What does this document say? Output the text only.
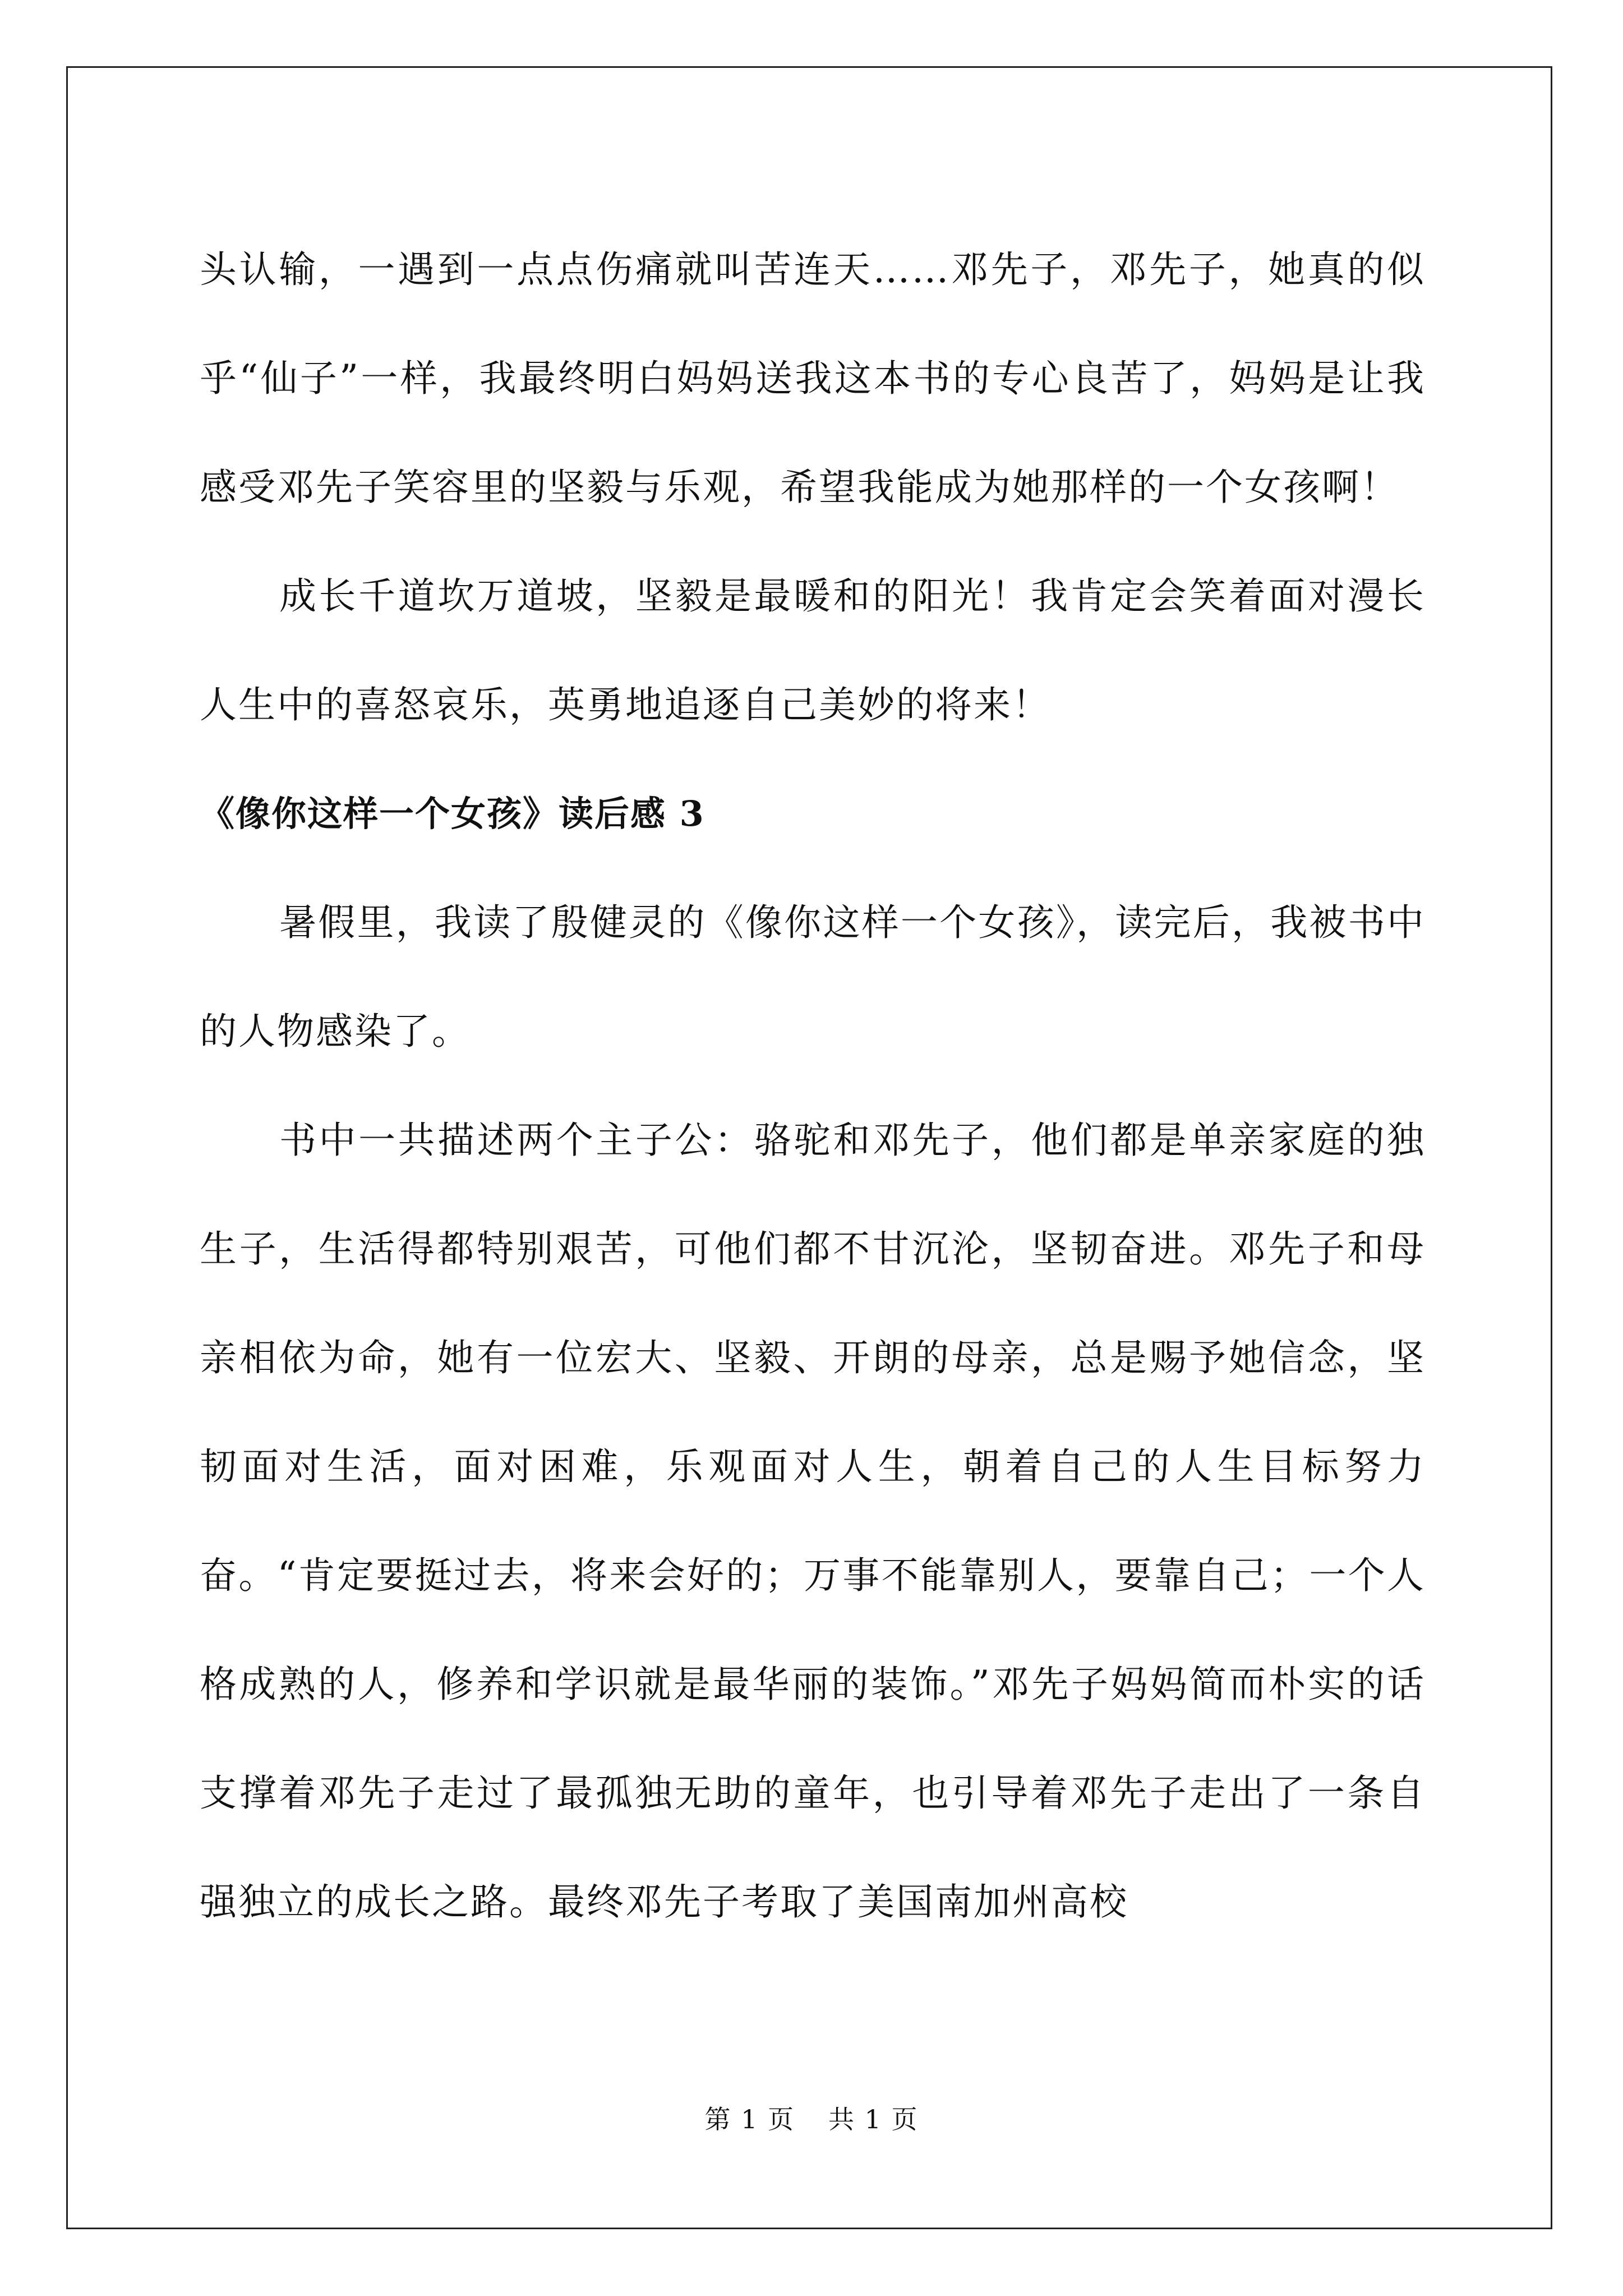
头认输，一遇到一点点伤痛就叫苦连天……邓先子，邓先子，她真的似乎“仙子”一样，我最终明白妈妈送我这本书的专心良苦了，妈妈是让我感受邓先子笑容里的坚毅与乐观，希望我能成为她那样的一个女孩啊！

成长千道坎万道坡，坚毅是最暖和的阳光！我肯定会笑着面对漫长人生中的喜怒哀乐，英勇地追逐自己美妙的将来！

《像你这样一个女孩》读后感 3

暑假里，我读了殷健灵的《像你这样一个女孩》，读完后，我被书中的人物感染了。

书中一共描述两个主子公：骆驼和邓先子，他们都是单亲家庭的独生子，生活得都特别艰苦，可他们都不甘沉沦，坚韧奋进。邓先子和母亲相依为命，她有一位宏大、坚毅、开朗的母亲，总是赐予她信念，坚韧面对生活，面对困难，乐观面对人生，朝着自己的人生目标努力奋。“肯定要挺过去，将来会好的；万事不能靠别人，要靠自己；一个人格成熟的人，修养和学识就是最华丽的装饰。”邓先子妈妈简而朴实的话支撑着邓先子走过了最孤独无助的童年，也引导着邓先子走出了一条自强独立的成长之路。最终邓先子考取了美国南加州高校

第 1 页 共 1 页
